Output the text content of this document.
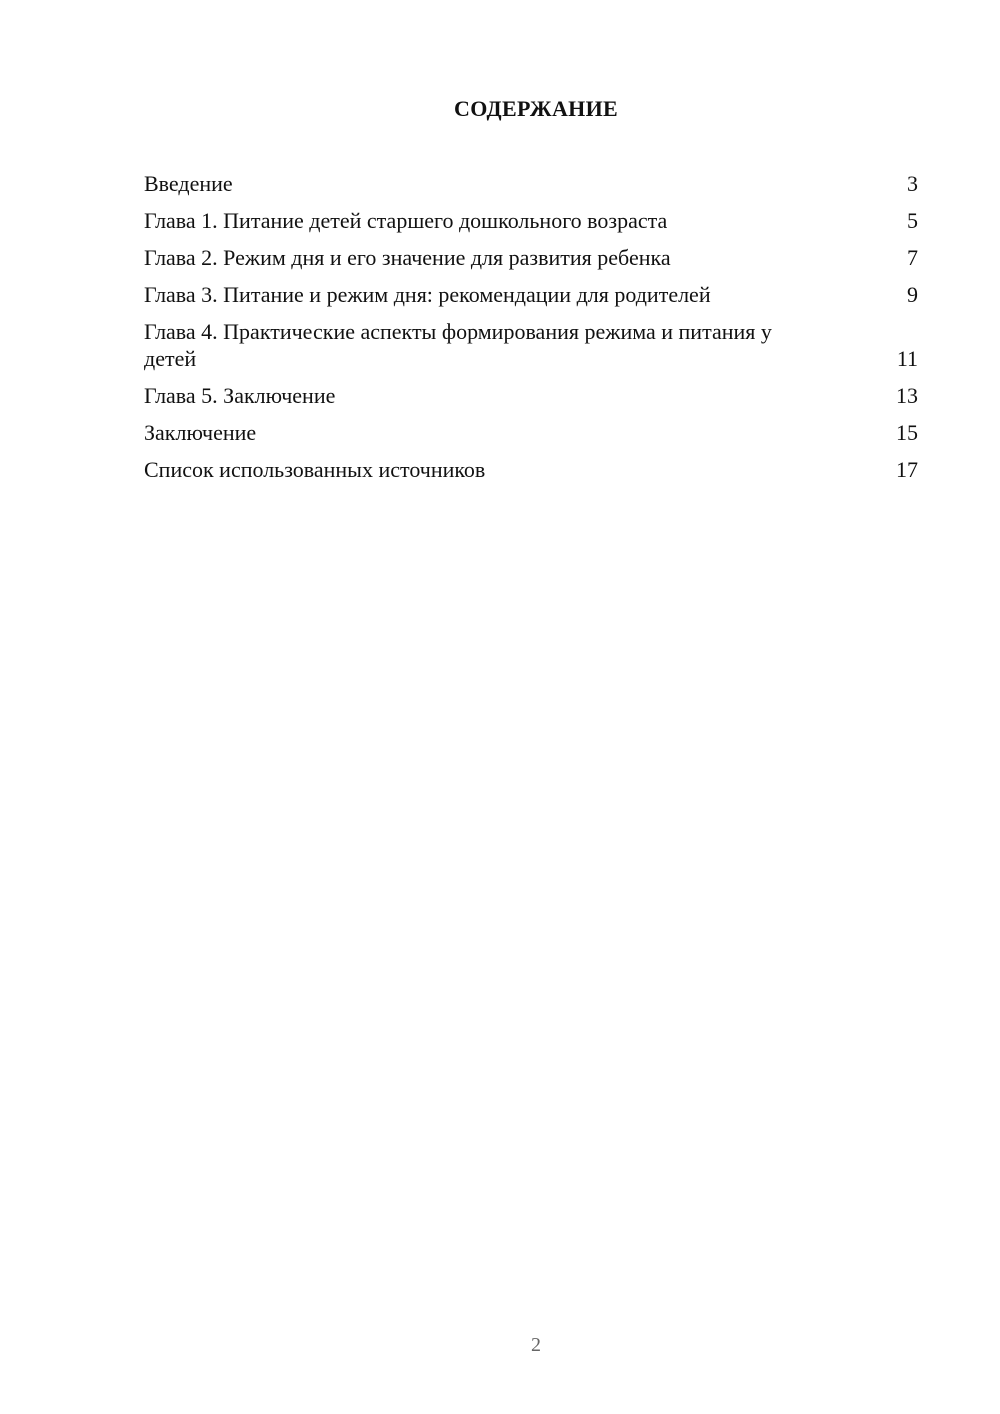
СОДЕРЖАНИЕ
Введение	3
Глава 1. Питание детей старшего дошкольного возраста	5
Глава 2. Режим дня и его значение для развития ребенка	7
Глава 3. Питание и режим дня: рекомендации для родителей	9
Глава 4. Практические аспекты формирования режима и питания у детей	11
Глава 5. Заключение	13
Заключение	15
Список использованных источников	17
2
